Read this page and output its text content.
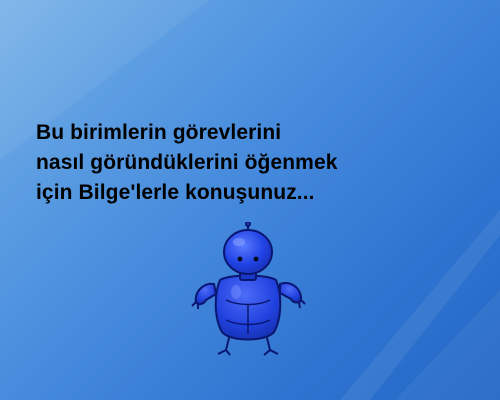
Bu birimlerin görevlerini
nasıl göründüklerini öğenmek
için Bilge'lerle konuşunuz...
